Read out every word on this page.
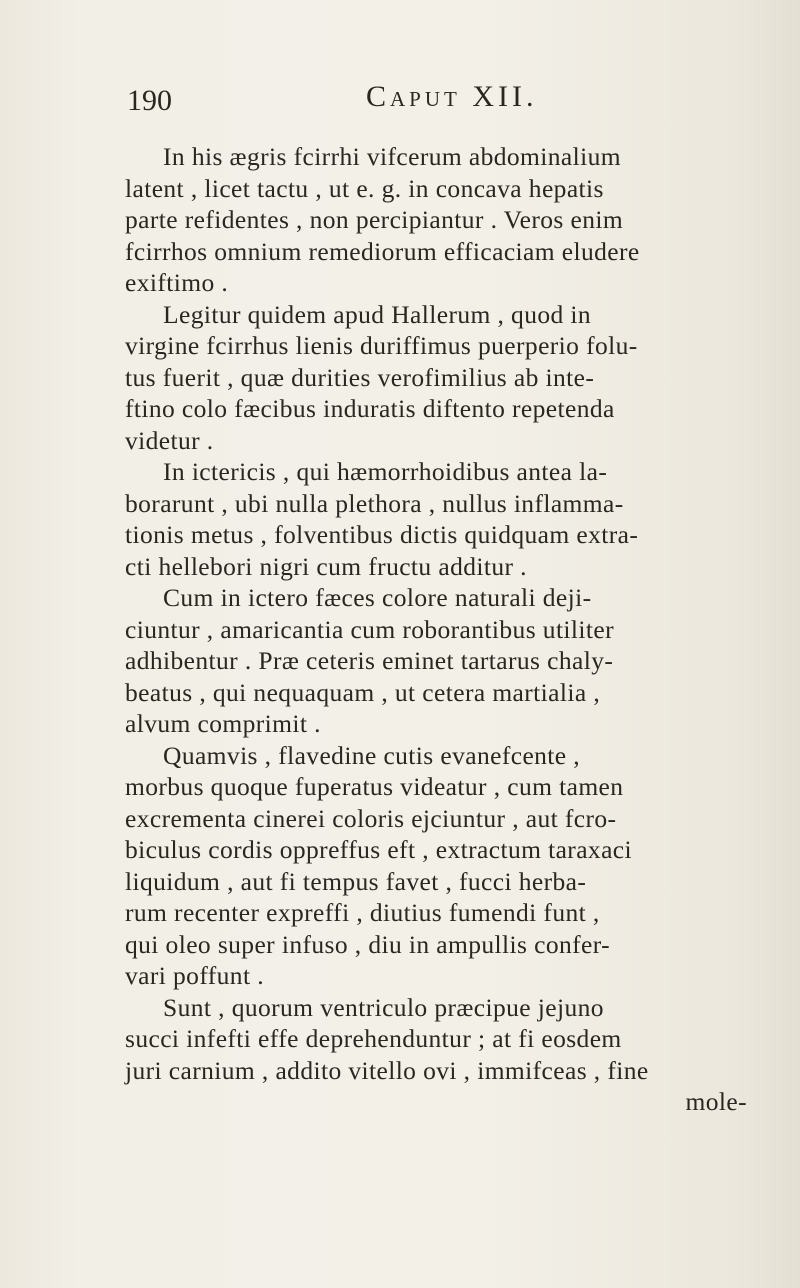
190	Caput XII.
In his ægris fcirrhi vifcerum abdominalium
latent , licet tactu , ut e. g. in concava hepatis
parte refidentes , non percipiantur . Veros enim
fcirrhos omnium remediorum efficaciam eludere
exiftimo .
Legitur quidem apud Hallerum , quod in
virgine fcirrhus lienis duriffimus puerperio folu-
tus fuerit , quæ durities verofimilius ab inte-
ftino colo fæcibus induratis diftento repetenda
videtur .
In ictericis , qui hæmorrhoidibus antea la-
borarunt , ubi nulla plethora , nullus inflamma-
tionis metus , folventibus dictis quidquam extra-
cti hellebori nigri cum fructu additur .
Cum in ictero fæces colore naturali deji-
ciuntur , amaricantia cum roborantibus utiliter
adhibentur . Præ ceteris eminet tartarus chaly-
beatus , qui nequaquam , ut cetera martialia ,
alvum comprimit .
Quamvis , flavedine cutis evanefcente ,
morbus quoque fuperatus videatur , cum tamen
excrementa cinerei coloris ejciuntur , aut fcro-
biculus cordis oppreffus eft , extractum taraxaci
liquidum , aut fi tempus favet , fucci herba-
rum recenter expreffi , diutius fumendi funt ,
qui oleo super infuso , diu in ampullis confer-
vari poffunt .
Sunt , quorum ventriculo præcipue jejuno
succi infefti effe deprehenduntur ; at fi eosdem
juri carnium , addito vitello ovi , immifceas , fine
mole-
